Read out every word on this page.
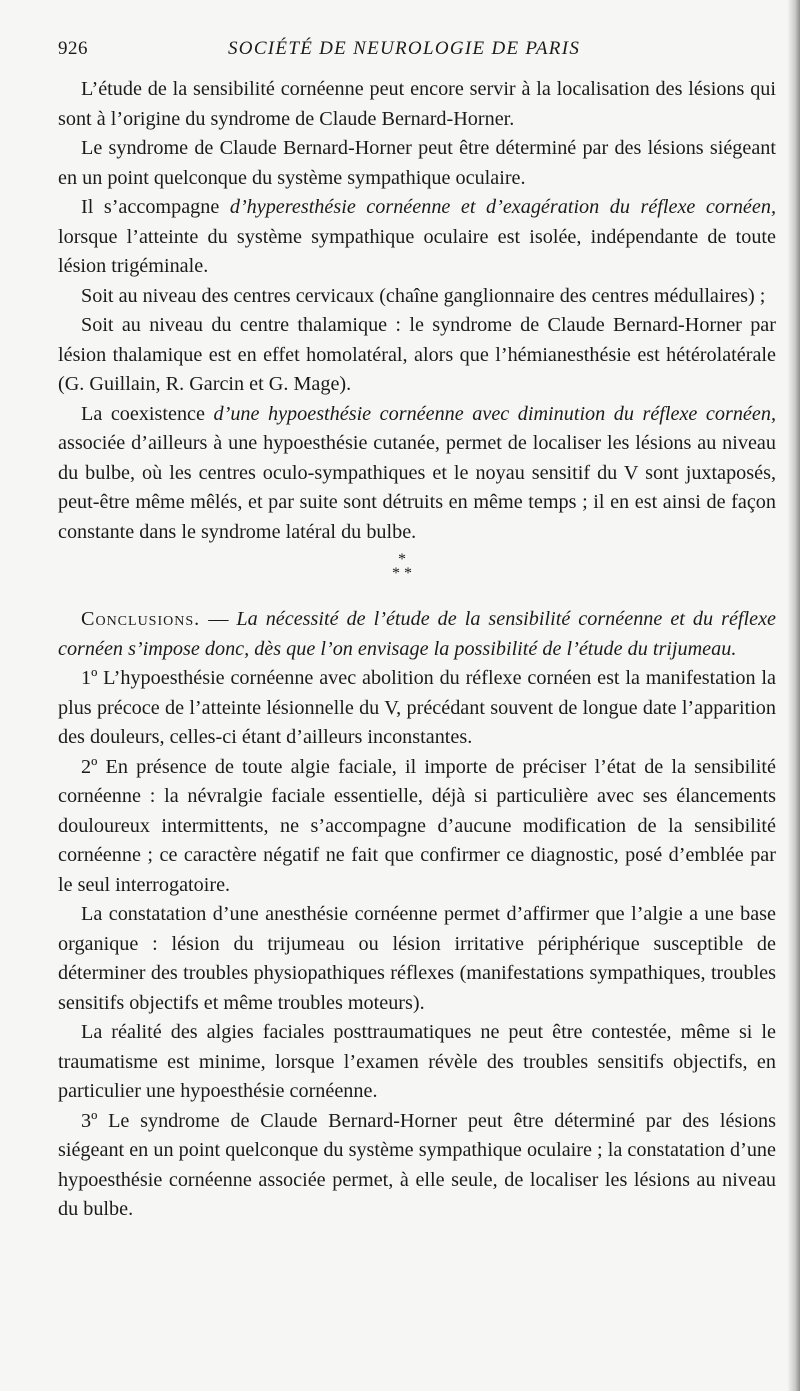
926	SOCIÉTÉ DE NEUROLOGIE DE PARIS

L’étude de la sensibilité cornéenne peut encore servir à la localisation des lésions qui sont à l’origine du syndrome de Claude Bernard-Horner.

Le syndrome de Claude Bernard-Horner peut être déterminé par des lésions siégeant en un point quelconque du système sympathique oculaire.

Il s’accompagne d’hyperesthésie cornéenne et d’exagération du réflexe cornéen, lorsque l’atteinte du système sympathique oculaire est isolée, indépendante de toute lésion trigéminale.

Soit au niveau des centres cervicaux (chaîne ganglionnaire des centres médullaires) ;

Soit au niveau du centre thalamique : le syndrome de Claude Bernard-Horner par lésion thalamique est en effet homolatéral, alors que l’hémianesthésie est hétérolatérale (G. Guillain, R. Garcin et G. Mage).

La coexistence d’une hypoesthésie cornéenne avec diminution du réflexe cornéen, associée d’ailleurs à une hypoesthésie cutanée, permet de localiser les lésions au niveau du bulbe, où les centres oculo-sympathiques et le noyau sensitif du V sont juxtaposés, peut-être même mêlés, et par suite sont détruits en même temps ; il en est ainsi de façon constante dans le syndrome latéral du bulbe.

*
* *

Conclusions. — La nécessité de l’étude de la sensibilité cornéenne et du réflexe cornéen s’impose donc, dès que l’on envisage la possibilité de l’étude du trijumeau.

1º L’hypoesthésie cornéenne avec abolition du réflexe cornéen est la manifestation la plus précoce de l’atteinte lésionnelle du V, précédant souvent de longue date l’apparition des douleurs, celles-ci étant d’ailleurs inconstantes.

2º En présence de toute algie faciale, il importe de préciser l’état de la sensibilité cornéenne : la névralgie faciale essentielle, déjà si particulière avec ses élancements douloureux intermittents, ne s’accompagne d’aucune modification de la sensibilité cornéenne ; ce caractère négatif ne fait que confirmer ce diagnostic, posé d’emblée par le seul interrogatoire.

La constatation d’une anesthésie cornéenne permet d’affirmer que l’algie a une base organique : lésion du trijumeau ou lésion irritative périphérique susceptible de déterminer des troubles physiopathiques réflexes (manifestations sympathiques, troubles sensitifs objectifs et même troubles moteurs).

La réalité des algies faciales posttraumatiques ne peut être contestée, même si le traumatisme est minime, lorsque l’examen révèle des troubles sensitifs objectifs, en particulier une hypoesthésie cornéenne.

3º Le syndrome de Claude Bernard-Horner peut être déterminé par des lésions siégeant en un point quelconque du système sympathique oculaire ; la constatation d’une hypoesthésie cornéenne associée permet, à elle seule, de localiser les lésions au niveau du bulbe.
